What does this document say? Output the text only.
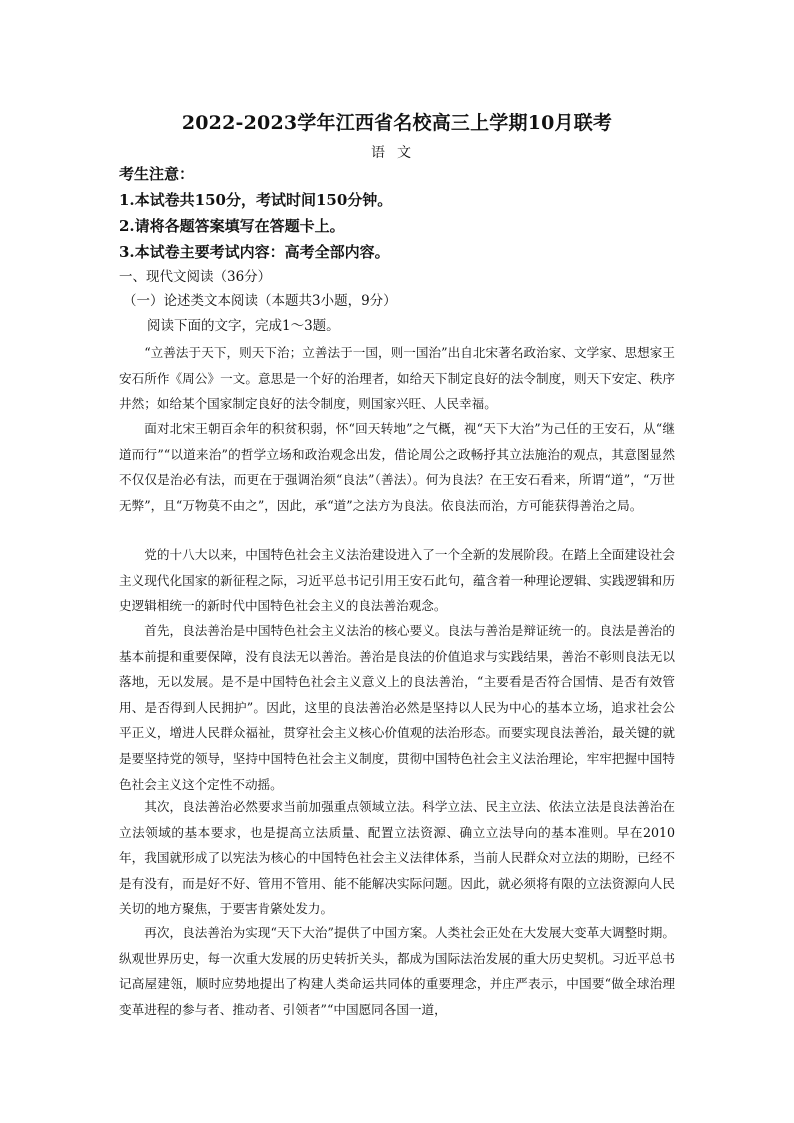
2022-2023学年江西省名校高三上学期10月联考
语文
考生注意：
1.本试卷共150分，考试时间150分钟。
2.请将各题答案填写在答题卡上。
3.本试卷主要考试内容：高考全部内容。
一、现代文阅读（36分）
（一）论述类文本阅读（本题共3小题，9分）
阅读下面的文字，完成1～3题。

“立善法于天下，则天下治；立善法于一国，则一国治”出自北宋著名政治家、文学家、思想家王安石所作《周公》一文。意思是一个好的治理者，如给天下制定良好的法令制度，则天下安定、秩序井然；如给某个国家制定良好的法令制度，则国家兴旺、人民幸福。

面对北宋王朝百余年的积贫积弱，怀“回天转地”之气概，视“天下大治”为己任的王安石，从“继道而行”“以道来治”的哲学立场和政治观念出发，借论周公之政畅抒其立法施治的观点，其意图显然不仅仅是治必有法，而更在于强调治须“良法”（善法）。何为良法？在王安石看来，所谓“道”，“万世无弊”，且“万物莫不由之”，因此，承“道”之法方为良法。依良法而治，方可能获得善治之局。

党的十八大以来，中国特色社会主义法治建设进入了一个全新的发展阶段。在踏上全面建设社会主义现代化国家的新征程之际，习近平总书记引用王安石此句，蕴含着一种理论逻辑、实践逻辑和历史逻辑相统一的新时代中国特色社会主义的良法善治观念。

首先，良法善治是中国特色社会主义法治的核心要义。良法与善治是辩证统一的。良法是善治的基本前提和重要保障，没有良法无以善治。善治是良法的价值追求与实践结果，善治不彰则良法无以落地，无以发展。是不是中国特色社会主义意义上的良法善治，“主要看是否符合国情、是否有效管用、是否得到人民拥护”。因此，这里的良法善治必然是坚持以人民为中心的基本立场，追求社会公平正义，增进人民群众福祉，贯穿社会主义核心价值观的法治形态。而要实现良法善治，最关键的就是要坚持党的领导，坚持中国特色社会主义制度，贯彻中国特色社会主义法治理论，牢牢把握中国特色社会主义这个定性不动摇。

其次，良法善治必然要求当前加强重点领域立法。科学立法、民主立法、依法立法是良法善治在立法领域的基本要求，也是提高立法质量、配置立法资源、确立立法导向的基本准则。早在2010年，我国就形成了以宪法为核心的中国特色社会主义法律体系，当前人民群众对立法的期盼，已经不是有没有，而是好不好、管用不管用、能不能解决实际问题。因此，就必须将有限的立法资源向人民关切的地方聚焦，于要害肯綮处发力。

再次，良法善治为实现“天下大治”提供了中国方案。人类社会正处在大发展大变革大调整时期。纵观世界历史，每一次重大发展的历史转折关头，都成为国际法治发展的重大历史契机。习近平总书记高屋建瓴，顺时应势地提出了构建人类命运共同体的重要理念，并庄严表示，中国要“做全球治理变革进程的参与者、推动者、引领者”“中国愿同各国一道，
